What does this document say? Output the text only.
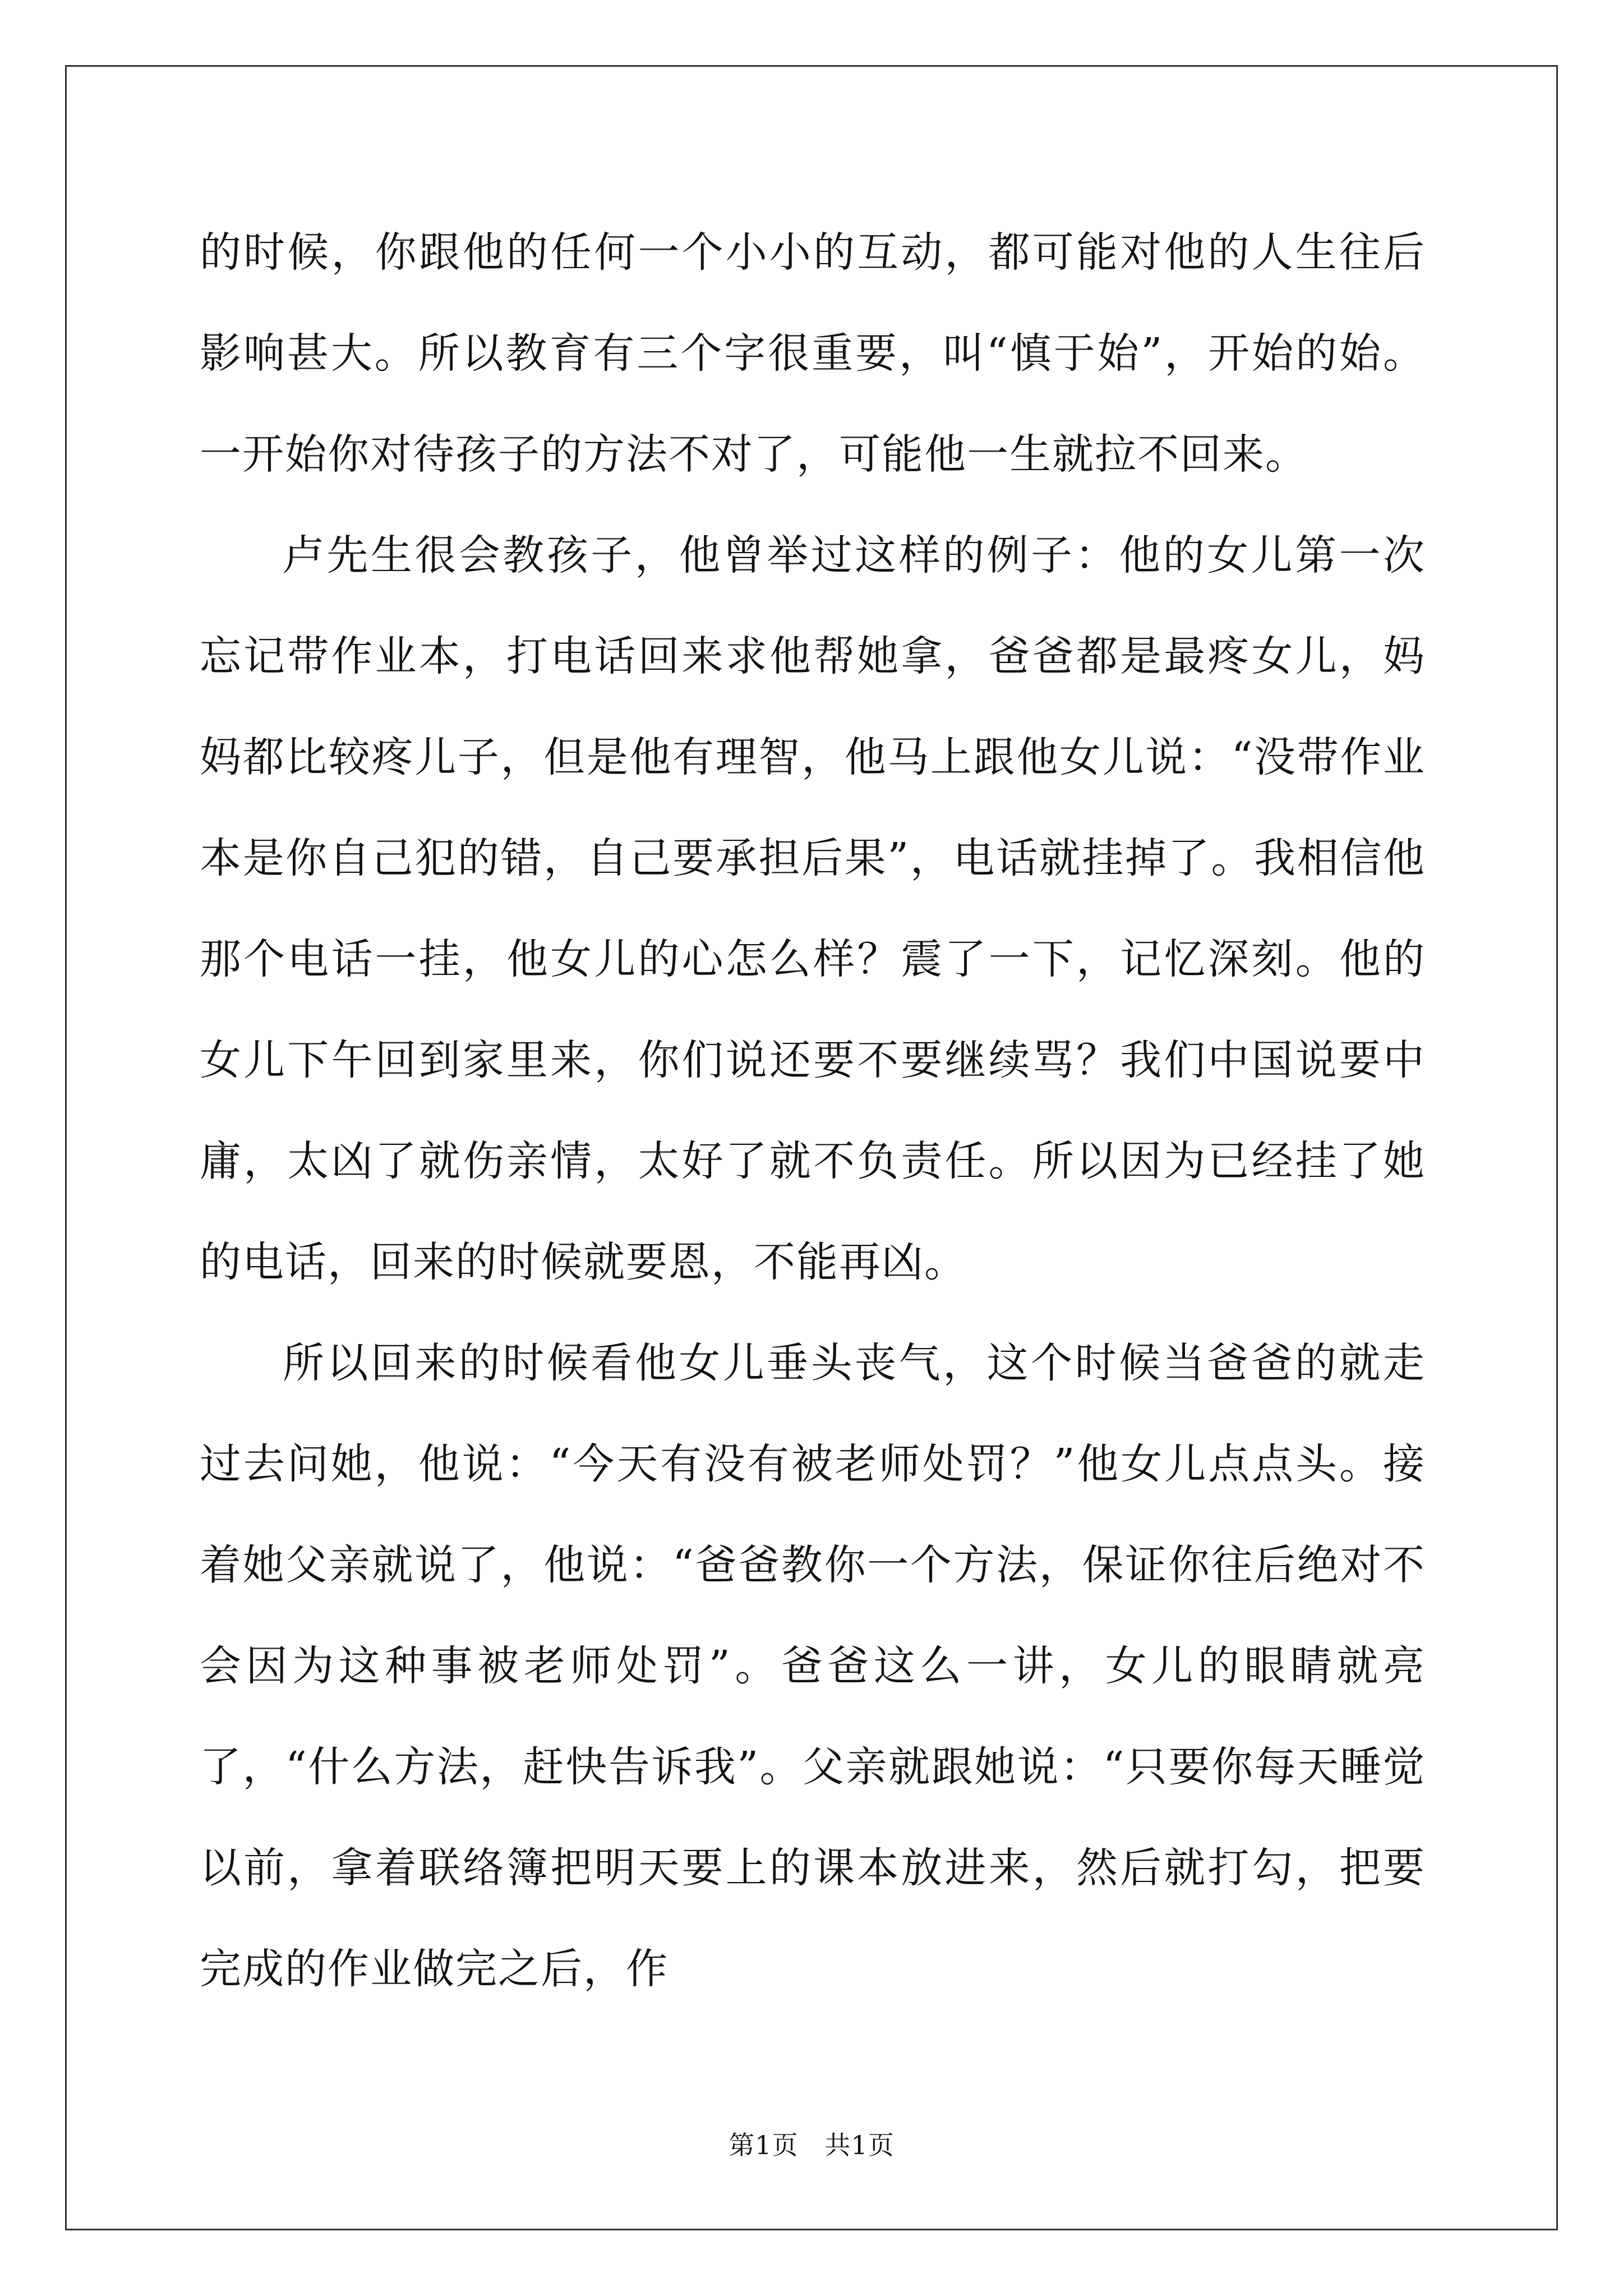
的时候，你跟他的任何一个小小的互动，都可能对他的人生往后影响甚大。所以教育有三个字很重要，叫“慎于始”，开始的始。一开始你对待孩子的方法不对了，可能他一生就拉不回来。

卢先生很会教孩子，他曾举过这样的例子：他的女儿第一次忘记带作业本，打电话回来求他帮她拿，爸爸都是最疼女儿，妈妈都比较疼儿子，但是他有理智，他马上跟他女儿说：“没带作业本是你自己犯的错，自己要承担后果”，电话就挂掉了。我相信他那个电话一挂，他女儿的心怎么样？震了一下，记忆深刻。他的女儿下午回到家里来，你们说还要不要继续骂？我们中国说要中庸，太凶了就伤亲情，太好了就不负责任。所以因为已经挂了她的电话，回来的时候就要恩，不能再凶。

所以回来的时候看他女儿垂头丧气，这个时候当爸爸的就走过去问她，他说：“今天有没有被老师处罚？”他女儿点点头。接着她父亲就说了，他说：“爸爸教你一个方法，保证你往后绝对不会因为这种事被老师处罚”。爸爸这么一讲，女儿的眼睛就亮了，“什么方法，赶快告诉我”。父亲就跟她说：“只要你每天睡觉以前，拿着联络簿把明天要上的课本放进来，然后就打勾，把要完成的作业做完之后，作

第1页　共1页
